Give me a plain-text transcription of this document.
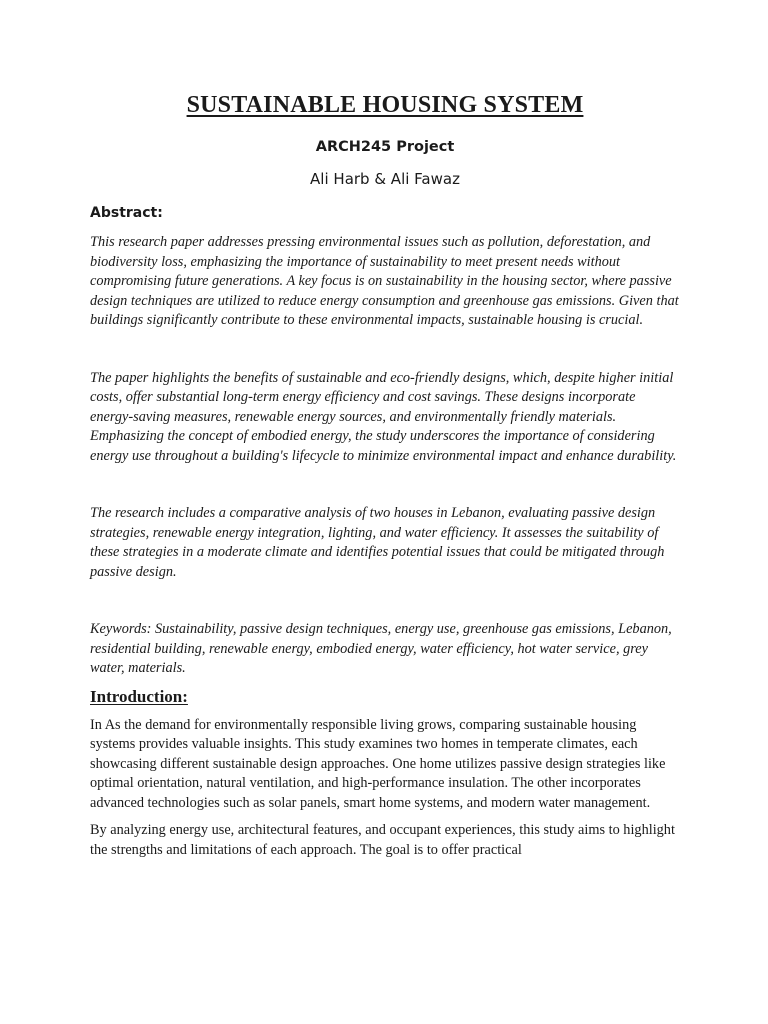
SUSTAINABLE HOUSING SYSTEM
ARCH245 Project
Ali Harb & Ali Fawaz
Abstract:

This research paper addresses pressing environmental issues such as pollution, deforestation, and biodiversity loss, emphasizing the importance of sustainability to meet present needs without compromising future generations. A key focus is on sustainability in the housing sector, where passive design techniques are utilized to reduce energy consumption and greenhouse gas emissions. Given that buildings significantly contribute to these environmental impacts, sustainable housing is crucial.

The paper highlights the benefits of sustainable and eco-friendly designs, which, despite higher initial costs, offer substantial long-term energy efficiency and cost savings. These designs incorporate energy-saving measures, renewable energy sources, and environmentally friendly materials. Emphasizing the concept of embodied energy, the study underscores the importance of considering energy use throughout a building's lifecycle to minimize environmental impact and enhance durability.

The research includes a comparative analysis of two houses in Lebanon, evaluating passive design strategies, renewable energy integration, lighting, and water efficiency. It assesses the suitability of these strategies in a moderate climate and identifies potential issues that could be mitigated through passive design.

Keywords: Sustainability, passive design techniques, energy use, greenhouse gas emissions, Lebanon, residential building, renewable energy, embodied energy, water efficiency, hot water service, grey water, materials.

Introduction:

In As the demand for environmentally responsible living grows, comparing sustainable housing systems provides valuable insights. This study examines two homes in temperate climates, each showcasing different sustainable design approaches. One home utilizes passive design strategies like optimal orientation, natural ventilation, and high-performance insulation. The other incorporates advanced technologies such as solar panels, smart home systems, and modern water management.

By analyzing energy use, architectural features, and occupant experiences, this study aims to highlight the strengths and limitations of each approach. The goal is to offer practical
